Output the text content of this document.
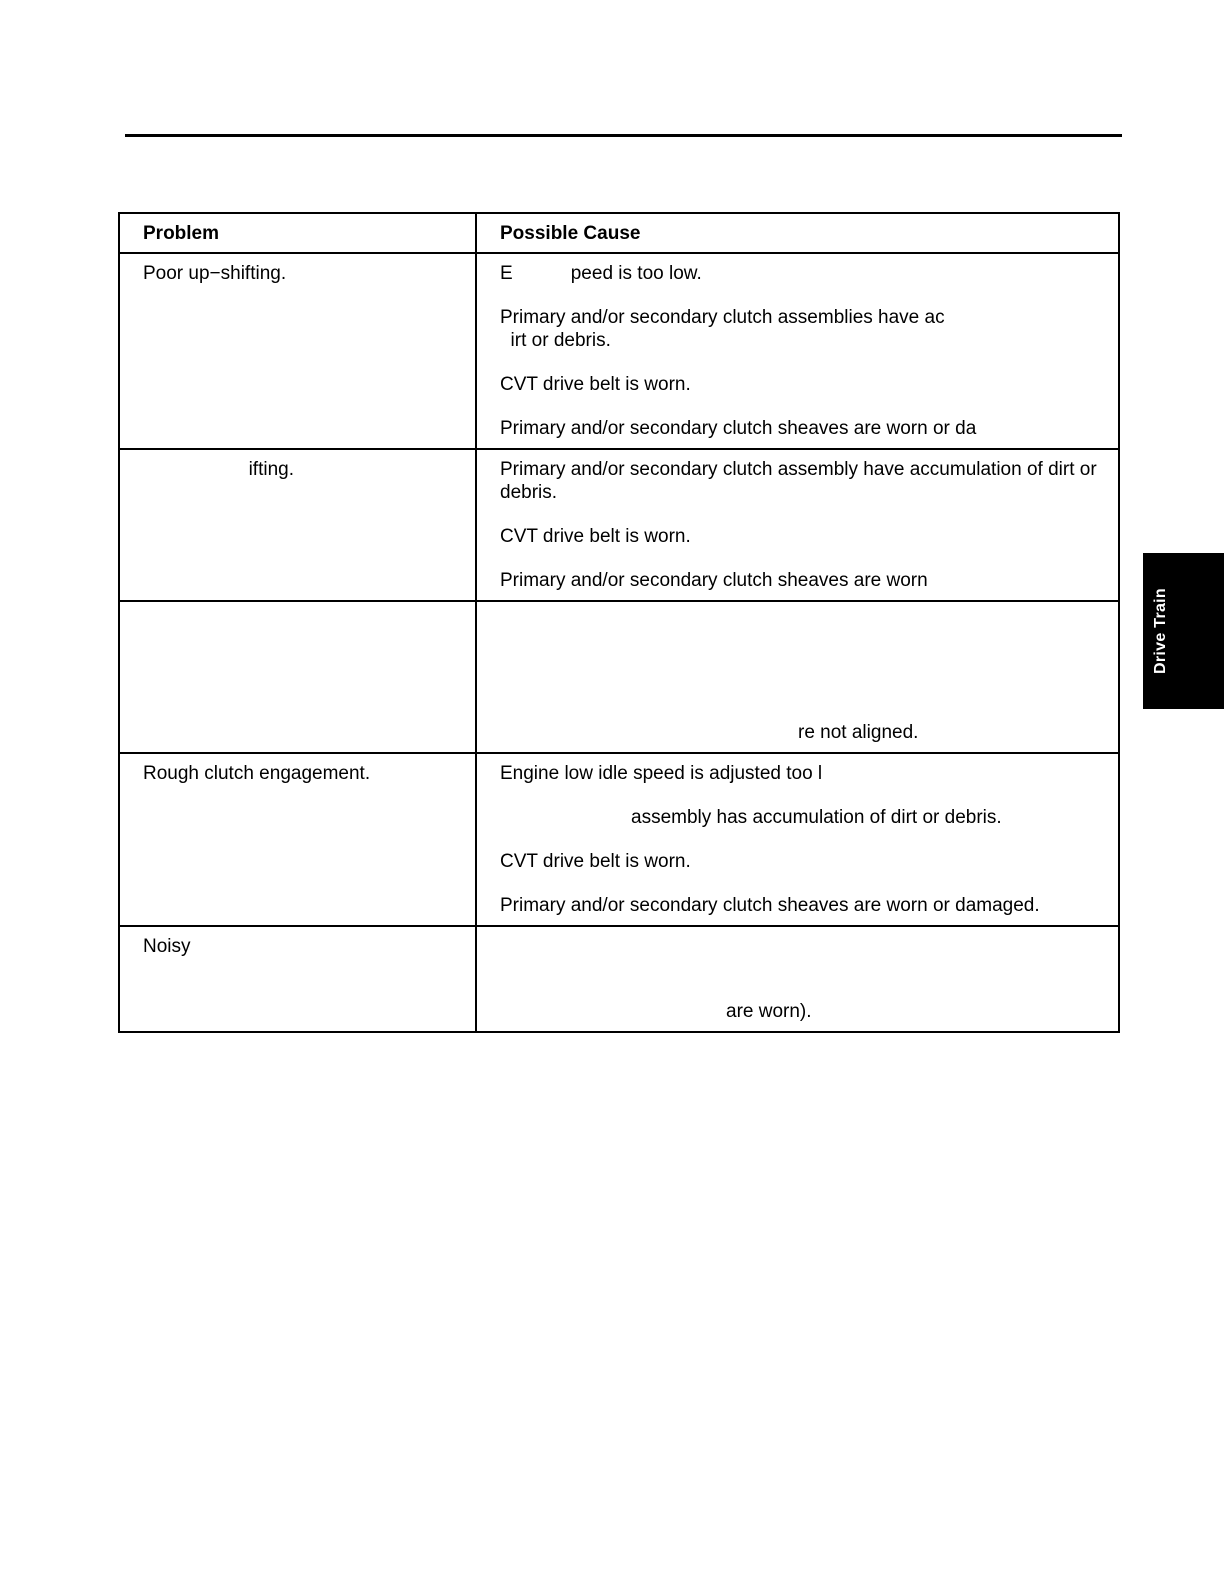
Drive Train
Problem	Possible Cause

Poor up−shifting.	E           peed is too low.

Primary and/or secondary clutch assemblies have ac
irt or debris.

CVT drive belt is worn.

Primary and/or secondary clutch sheaves are worn or da

ifting.	Primary and/or secondary clutch assembly have accumulation of dirt or debris.

CVT drive belt is worn.

Primary and/or secondary clutch sheaves are worn

	re not aligned.

Rough clutch engagement.	Engine low idle speed is adjusted too l

assembly has accumulation of dirt or debris.

CVT drive belt is worn.

Primary and/or secondary clutch sheaves are worn or damaged.

Noisy	are worn).
